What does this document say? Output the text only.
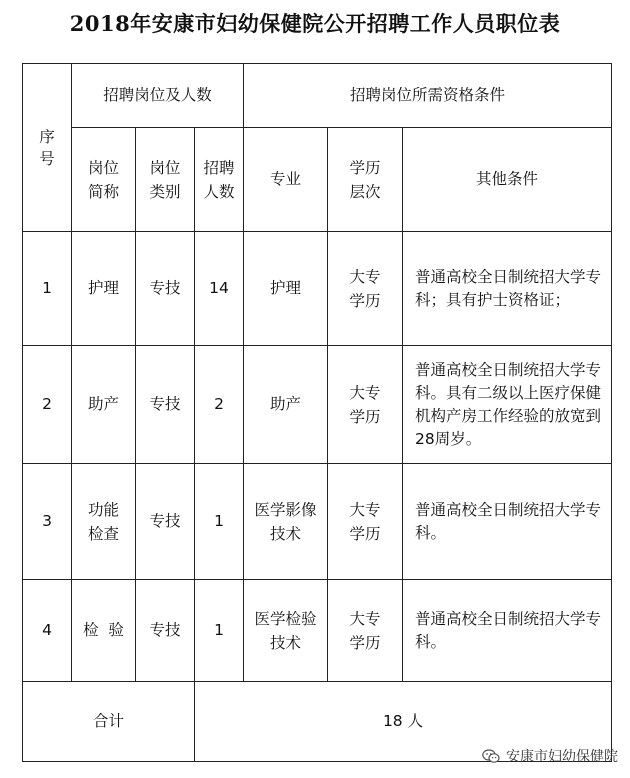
2018年安康市妇幼保健院公开招聘工作人员职位表
序号	招聘岗位及人数			招聘岗位所需资格条件		

	岗位简称	岗位类别	招聘人数	专业	学历层次	其他条件
1	护理	专技	14	护理	大专学历	普通高校全日制统招大学专科；具有护士资格证；
2	助产	专技	2	助产	大专学历	普通高校全日制统招大学专科。具有二级以上医疗保健机构产房工作经验的放宽到28周岁。
3	功能检查	专技	1	医学影像技术	大专学历	普通高校全日制统招大学专科。
4	检  验	专技	1	医学检验技术	大专学历	普通高校全日制统招大学专科。
合计			18 人			
安康市妇幼保健院
